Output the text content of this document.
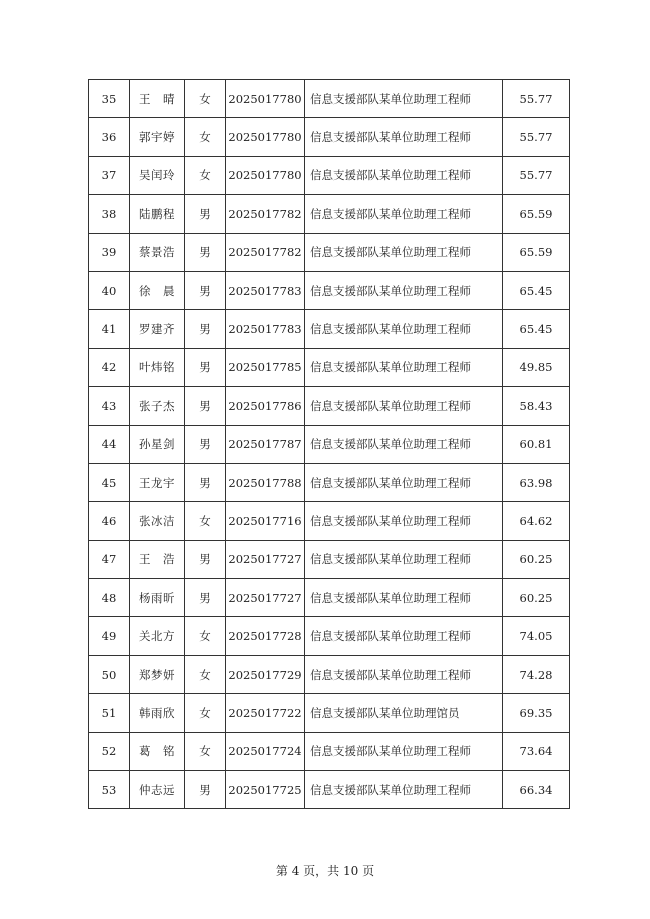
35	王　晴	女	2025017780	信息支援部队某单位助理工程师	55.77
36	郭宇婷	女	2025017780	信息支援部队某单位助理工程师	55.77
37	吴闰玲	女	2025017780	信息支援部队某单位助理工程师	55.77
38	陆鹏程	男	2025017782	信息支援部队某单位助理工程师	65.59
39	蔡景浩	男	2025017782	信息支援部队某单位助理工程师	65.59
40	徐　晨	男	2025017783	信息支援部队某单位助理工程师	65.45
41	罗建齐	男	2025017783	信息支援部队某单位助理工程师	65.45
42	叶炜铭	男	2025017785	信息支援部队某单位助理工程师	49.85
43	张子杰	男	2025017786	信息支援部队某单位助理工程师	58.43
44	孙星剑	男	2025017787	信息支援部队某单位助理工程师	60.81
45	王龙宇	男	2025017788	信息支援部队某单位助理工程师	63.98
46	张冰洁	女	2025017716	信息支援部队某单位助理工程师	64.62
47	王　浩	男	2025017727	信息支援部队某单位助理工程师	60.25
48	杨雨昕	男	2025017727	信息支援部队某单位助理工程师	60.25
49	关北方	女	2025017728	信息支援部队某单位助理工程师	74.05
50	郑梦妍	女	2025017729	信息支援部队某单位助理工程师	74.28
51	韩雨欣	女	2025017722	信息支援部队某单位助理馆员	69.35
52	葛　铭	女	2025017724	信息支援部队某单位助理工程师	73.64
53	仲志远	男	2025017725	信息支援部队某单位助理工程师	66.34
第 4 页，共 10 页
